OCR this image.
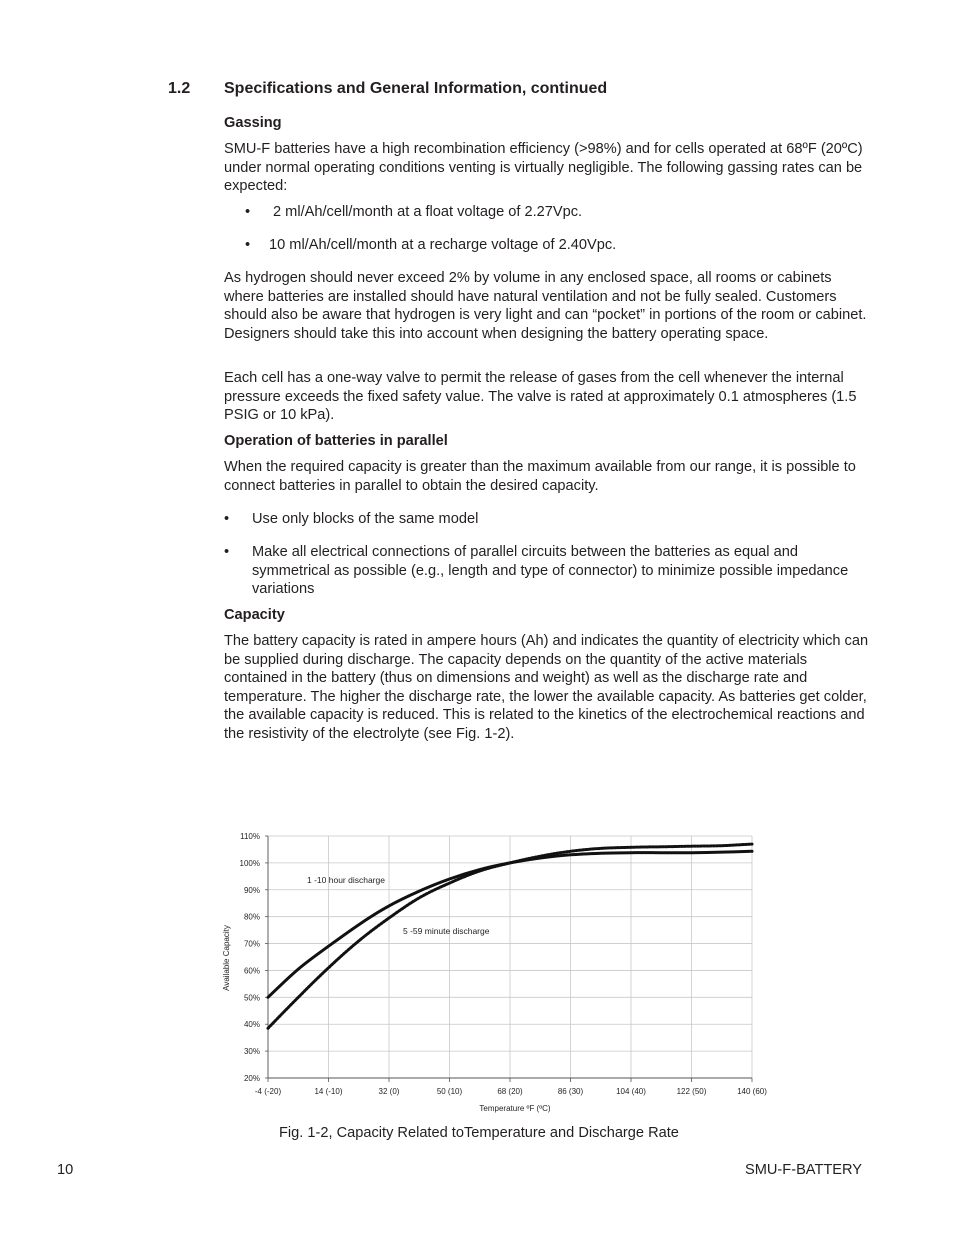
1.2 Specifications and General Information, continued
Gassing
SMU-F batteries have a high recombination efficiency (>98%) and for cells operated at 68ºF (20ºC) under normal operating conditions venting is virtually negligible. The following gassing rates can be expected:
• 2 ml/Ah/cell/month at a float voltage of 2.27Vpc.
• 10 ml/Ah/cell/month at a recharge voltage of 2.40Vpc.
As hydrogen should never exceed 2% by volume in any enclosed space, all rooms or cabinets where batteries are installed should have natural ventilation and not be fully sealed. Customers should also be aware that hydrogen is very light and can “pocket” in portions of the room or cabinet. Designers should take this into account when designing the battery operating space.
Each cell has a one-way valve to permit the release of gases from the cell whenever the internal pressure exceeds the fixed safety value. The valve is rated at approximately 0.1 atmospheres (1.5 PSIG or 10 kPa).
Operation of batteries in parallel
When the required capacity is greater than the maximum available from our range, it is possible to connect batteries in parallel to obtain the desired capacity.
• Use only blocks of the same model
• Make all electrical connections of parallel circuits between the batteries as equal and symmetrical as possible (e.g., length and type of connector) to minimize possible impedance variations
Capacity
The battery capacity is rated in ampere hours (Ah) and indicates the quantity of electricity which can be supplied during discharge. The capacity depends on the quantity of the active materials contained in the battery (thus on dimensions and weight) as well as the discharge rate and temperature. The higher the discharge rate, the lower the available capacity. As batteries get colder, the available capacity is reduced. This is related to the kinetics of the electrochemical reactions and the resistivity of the electrolyte (see Fig. 1-2).
20%
30%
40%
50%
60%
70%
80%
90%
100%
110%
-4 (-20)	14 (-10)	32 (0)	50 (10)	68 (20)	86 (30)	104 (40)	122 (50)	140 (60)
1 -10 hour discharge
5 -59 minute discharge
Available Capacity
Temperature ºF (ºC)
Fig. 1-2, Capacity Related toTemperature and Discharge Rate
10	SMU-F-BATTERY
